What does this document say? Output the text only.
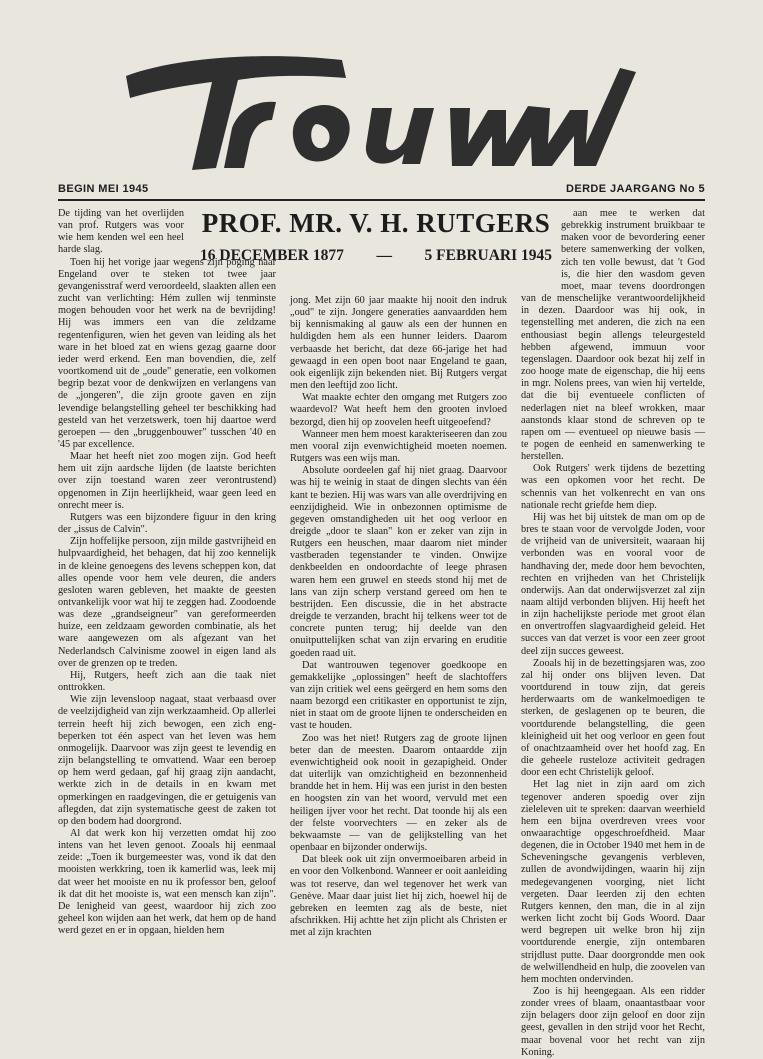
BEGIN MEI 1945	DERDE JAARGANG No 5
PROF. MR. V. H. RUTGERS
16 DECEMBER 1877 — 5 FEBRUARI 1945

De tijding van het overlijden van prof. Rutgers was voor wie hem kenden wel een heel harde slag.

Toen hij het vorige jaar wegens zijn poging naar Engeland over te steken tot twee jaar gevangenisstraf werd veroordeeld, slaakten allen een zucht van verlichting: Hém zullen wij tenminste mogen behouden voor het werk na de bevrijding! Hij was immers een van die zeldzame regentenfiguren, wien het geven van leiding als het ware in het bloed zat en wiens gezag gaarne door ieder werd erkend. Een man bovendien, die, zelf voortkomend uit de „oude" generatie, een volkomen begrip bezat voor de denkwijzen en verlangens van de „jongeren", die zijn groote gaven en zijn levendige belangstelling geheel ter beschikking had gesteld van het verzetswerk, toen hij daartoe werd geroepen — den „bruggenbouwer" tusschen '40 en '45 par excellence.

Maar het heeft niet zoo mogen zijn. God heeft hem uit zijn aardsche lijden (de laatste berichten over zijn toestand waren zeer verontrustend) opgenomen in Zijn heerlijkheid, waar geen leed en onrecht meer is.

Rutgers was een bijzondere figuur in den kring der „issus de Calvin".

Zijn hoffelijke persoon, zijn milde gastvrijheid en hulpvaardigheid, het behagen, dat hij zoo kennelijk in de kleine genoegens des levens scheppen kon, dat alles opende voor hem vele deuren, die anders gesloten waren gebleven, het maakte de geesten ontvankelijk voor wat hij te zeggen had. Zoodoende was deze „grandseigneur" van gereformeerden huize, een zeldzaam geworden combinatie, als het ware aangewezen om als afgezant van het Nederlandsch Calvinisme zoowel in eigen land als over de grenzen op te treden.

Hij, Rutgers, heeft zich aan die taak niet onttrokken.

Wie zijn levensloop nagaat, staat verbaasd over de veelzijdigheid van zijn werkzaamheid. Op allerlei terrein heeft hij zich bewogen, een zich eng-beperken tot één aspect van het leven was hem onmogelijk. Daarvoor was zijn geest te levendig en zijn belangstelling te omvattend. Waar een beroep op hem werd gedaan, gaf hij graag zijn aandacht, werkte zich in de details in en kwam met opmerkingen en raadgevingen, die er getuigenis van aflegden, dat zijn systematische geest de zaken tot op den bodem had doorgrond.

Al dat werk kon hij verzetten omdat hij zoo intens van het leven genoot. Zooals hij eenmaal zeide: „Toen ik burgemeester was, vond ik dat den mooisten werkkring, toen ik kamerlid was, leek mij dat weer het mooiste en nu ik professor ben, geloof ik dat dit het mooiste is, wat een mensch kan zijn". De lenigheid van geest, waardoor hij zich zoo geheel kon wijden aan het werk, dat hem op de hand werd gezet en er in opgaan, hielden hem

jong. Met zijn 60 jaar maakte hij nooit den indruk „oud" te zijn. Jongere generaties aanvaardden hem bij kennismaking al gauw als een der hunnen en huldigden hem als een hunner leiders. Daarom verbaasde het bericht, dat deze 66-jarige het had gewaagd in een open boot naar Engeland te gaan, ook eigenlijk zijn bekenden niet. Bij Rutgers vergat men den leeftijd zoo licht.

Wat maakte echter den omgang met Rutgers zoo waardevol? Wat heeft hem den grooten invloed bezorgd, dien hij op zoovelen heeft uitgeoefend?

Wanneer men hem moest karakteriseeren dan zou men vooral zijn evenwichtigheid moeten noemen. Rutgers was een wijs man.

Absolute oordeelen gaf hij niet graag. Daarvoor was hij te weinig in staat de dingen slechts van één kant te bezien. Hij was wars van alle overdrijving en eenzijdigheid. Wie in onbezonnen optimisme de gegeven omstandigheden uit het oog verloor en dreigde „door te slaan" kon er zeker van zijn in Rutgers een heuschen, maar daarom niet minder vastberaden tegenstander te vinden. Onwijze denkbeelden en ondoordachte of leege phrasen waren hem een gruwel en steeds stond hij met de lans van zijn scherp verstand gereed om hen te bestrijden. Een discussie, die in het abstracte dreigde te verzanden, bracht hij telkens weer tot de concrete punten terug; hij deelde van den onuitputtelijken schat van zijn ervaring en eruditie goeden raad uit.

Dat wantrouwen tegenover goedkoope en gemakkelijke „oplossingen" heeft de slachtoffers van zijn critiek wel eens geërgerd en hem soms den naam bezorgd een critikaster en opportunist te zijn, niet in staat om de groote lijnen te onderscheiden en vast te houden.

Zoo was het niet! Rutgers zag de groote lijnen beter dan de meesten. Daarom ontaardde zijn evenwichtigheid ook nooit in gezapigheid. Onder dat uiterlijk van omzichtigheid en bezonnenheid brandde het in hem. Hij was een jurist in den besten en hoogsten zin van het woord, vervuld met een heiligen ijver voor het recht. Dat toonde hij als een der felste voorvechters — en zeker als de bekwaamste — van de gelijkstelling van het openbaar en bijzonder onderwijs.

Dat bleek ook uit zijn onvermoeibaren arbeid in en voor den Volkenbond. Wanneer er ooit aanleiding was tot reserve, dan wel tegenover het werk van Genève. Maar daar juist liet hij zich, hoewel hij de gebreken en leemten zag als de beste, niet afschrikken. Hij achtte het zijn plicht als Christen er met al zijn krachten

aan mee te werken dat gebrekkig instrument bruikbaar te maken voor de bevordering eener betere samenwerking der volken, zich ten volle bewust, dat 't God is, die hier den wasdom geven moet, maar tevens doordrongen van de menschelijke verantwoordelijkheid in dezen. Daardoor was hij ook, in tegenstelling met anderen, die zich na een enthousiast begin allengs teleurgesteld hebben afgewend, immuun voor tegenslagen. Daardoor ook bezat hij zelf in zoo hooge mate de eigenschap, die hij eens in mgr. Nolens prees, van wien hij vertelde, dat die bij eventueele conflicten of nederlagen niet na bleef wrokken, maar aanstonds klaar stond de schreven op te rapen om — eventueel op nieuwe basis — te pogen de eenheid en samenwerking te herstellen.

Ook Rutgers' werk tijdens de bezetting was een opkomen voor het recht. De schennis van het volkenrecht en van ons nationale recht griefde hem diep.

Hij was het bij uitstek de man om op de bres te staan voor de vervolgde Joden, voor de vrijheid van de universiteit, waaraan hij verbonden was en vooral voor de handhaving der, mede door hem bevochten, rechten en vrijheden van het Christelijk onderwijs. Aan dat onderwijsverzet zal zijn naam altijd verbonden blijven. Hij heeft het in zijn hachelijkste periode met groot élan en onvertroffen slagvaardigheid geleid. Het succes van dat verzet is voor een zeer groot deel zijn succes geweest.

Zooals hij in de bezettingsjaren was, zoo zal hij onder ons blijven leven. Dat voortdurend in touw zijn, dat gereis herderwaarts om de wankelmoedigen te sterken, de geslagenen op te beuren, die voortdurende belangstelling, die geen kleinigheid uit het oog verloor en geen fout of onachtzaamheid over het hoofd zag. En die geheele rusteloze activiteit gedragen door een echt Christelijk geloof.

Het lag niet in zijn aard om zich tegenover anderen spoedig over zijn zieleleven uit te spreken: daarvan weerhield hem een bijna overdreven vrees voor onwaarachtige opgeschroefdheid. Maar degenen, die in October 1940 met hem in de Scheveningsche gevangenis verbleven, zullen de avondwijdingen, waarin hij zijn medegevangenen voorging, niet licht vergeten. Daar leerden zij den echten Rutgers kennen, den man, die in al zijn werken licht zocht bij Gods Woord. Daar werd begrepen uit welke bron hij zijn voortdurende energie, zijn ontembaren strijdlust putte. Daar doorgrondde men ook de welwillendheid en hulp, die zoovelen van hem mochten ondervinden.

Zoo is hij heengegaan. Als een ridder zonder vrees of blaam, onaantastbaar voor zijn belagers door zijn geloof en door zijn geest, gevallen in den strijd voor het Recht, maar bovenal voor het recht van zijn Koning.
